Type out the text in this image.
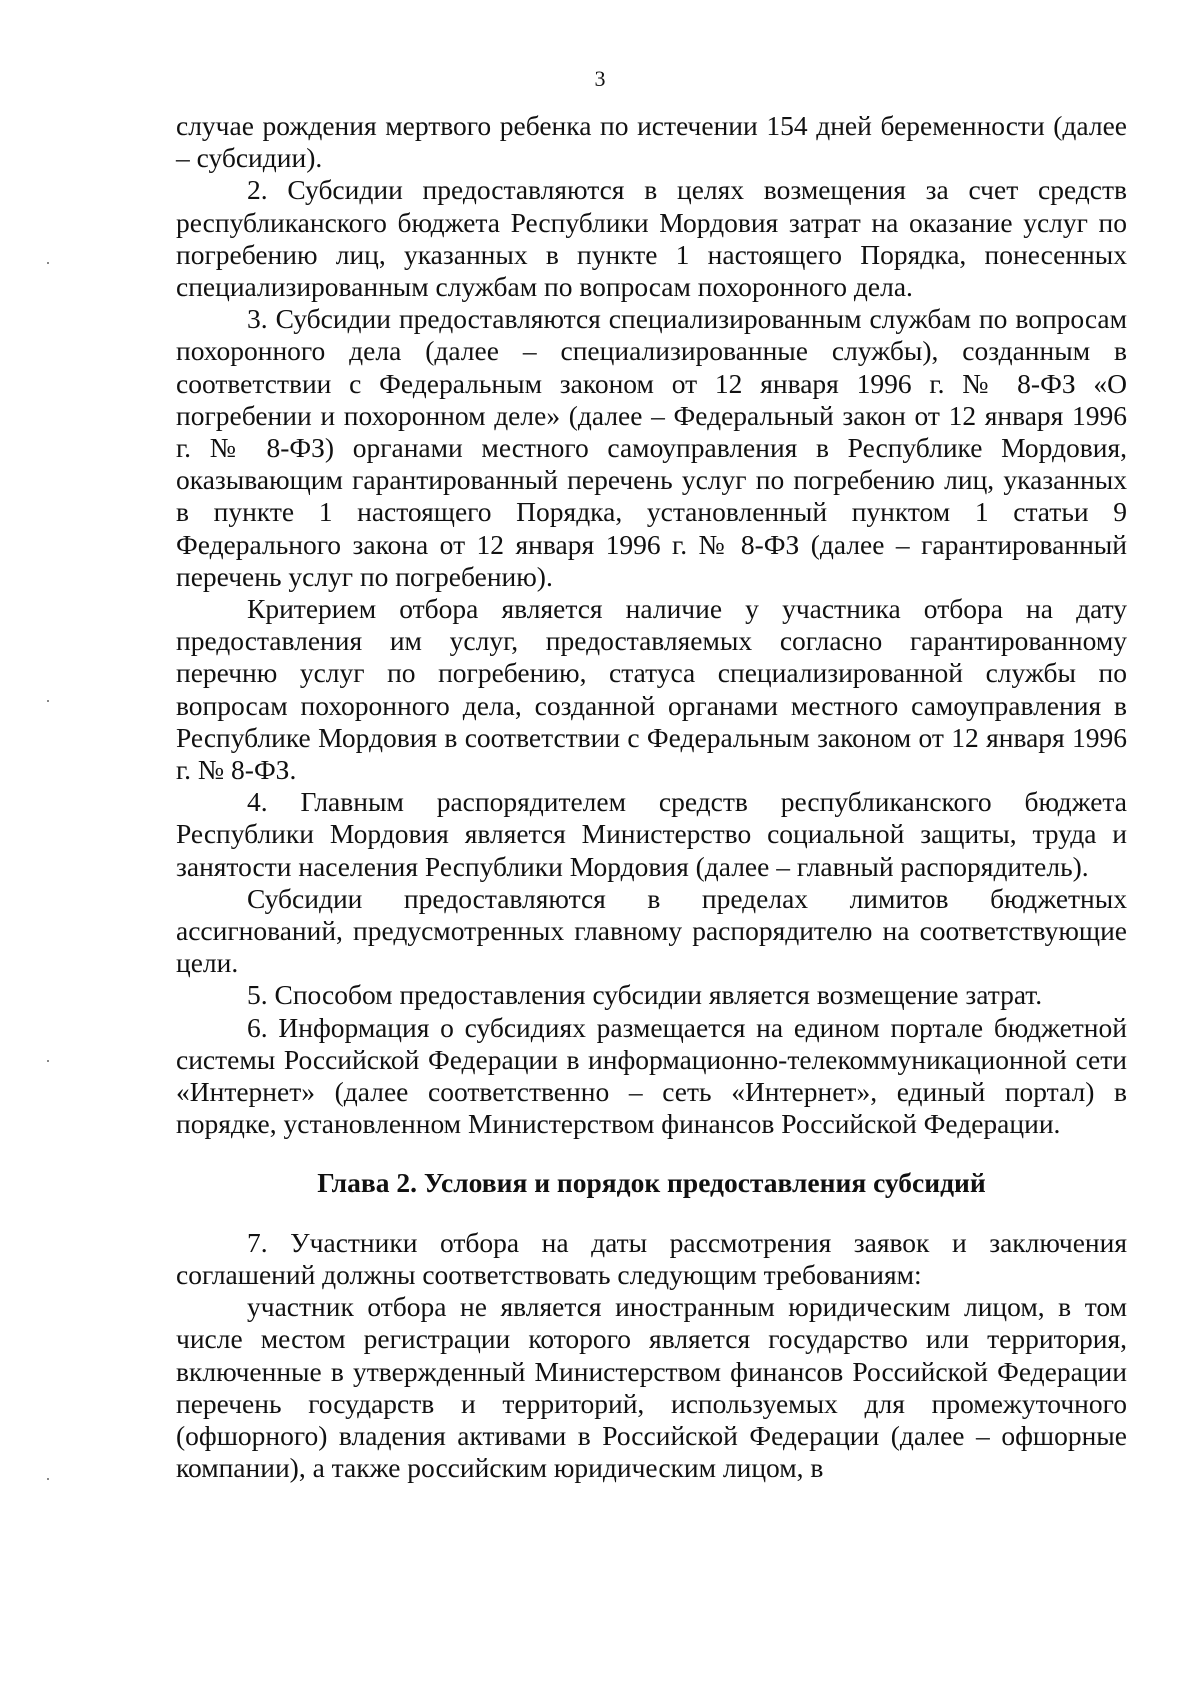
3

случае рождения мертвого ребенка по истечении 154 дней беременности (далее – субсидии).

2. Субсидии предоставляются в целях возмещения за счет средств республиканского бюджета Республики Мордовия затрат на оказание услуг по погребению лиц, указанных в пункте 1 настоящего Порядка, понесенных специализированным службам по вопросам похоронного дела.

3. Субсидии предоставляются специализированным службам по вопросам похоронного дела (далее – специализированные службы), созданным в соответствии с Федеральным законом от 12 января 1996 г. № 8-ФЗ «О погребении и похоронном деле» (далее – Федеральный закон от 12 января 1996 г. № 8-ФЗ) органами местного самоуправления в Республике Мордовия, оказывающим гарантированный перечень услуг по погребению лиц, указанных в пункте 1 настоящего Порядка, установленный пунктом 1 статьи 9 Федерального закона от 12 января 1996 г. № 8-ФЗ (далее – гарантированный перечень услуг по погребению).

Критерием отбора является наличие у участника отбора на дату предоставления им услуг, предоставляемых согласно гарантированному перечню услуг по погребению, статуса специализированной службы по вопросам похоронного дела, созданной органами местного самоуправления в Республике Мордовия в соответствии с Федеральным законом от 12 января 1996 г. № 8-ФЗ.

4. Главным распорядителем средств республиканского бюджета Республики Мордовия является Министерство социальной защиты, труда и занятости населения Республики Мордовия (далее – главный распорядитель).

Субсидии предоставляются в пределах лимитов бюджетных ассигнований, предусмотренных главному распорядителю на соответствующие цели.

5. Способом предоставления субсидии является возмещение затрат.

6. Информация о субсидиях размещается на едином портале бюджетной системы Российской Федерации в информационно-телекоммуникационной сети «Интернет» (далее соответственно – сеть «Интернет», единый портал) в порядке, установленном Министерством финансов Российской Федерации.

Глава 2. Условия и порядок предоставления субсидий

7. Участники отбора на даты рассмотрения заявок и заключения соглашений должны соответствовать следующим требованиям:

участник отбора не является иностранным юридическим лицом, в том числе местом регистрации которого является государство или территория, включенные в утвержденный Министерством финансов Российской Федерации перечень государств и территорий, используемых для промежуточного (офшорного) владения активами в Российской Федерации (далее – офшорные компании), а также российским юридическим лицом, в
